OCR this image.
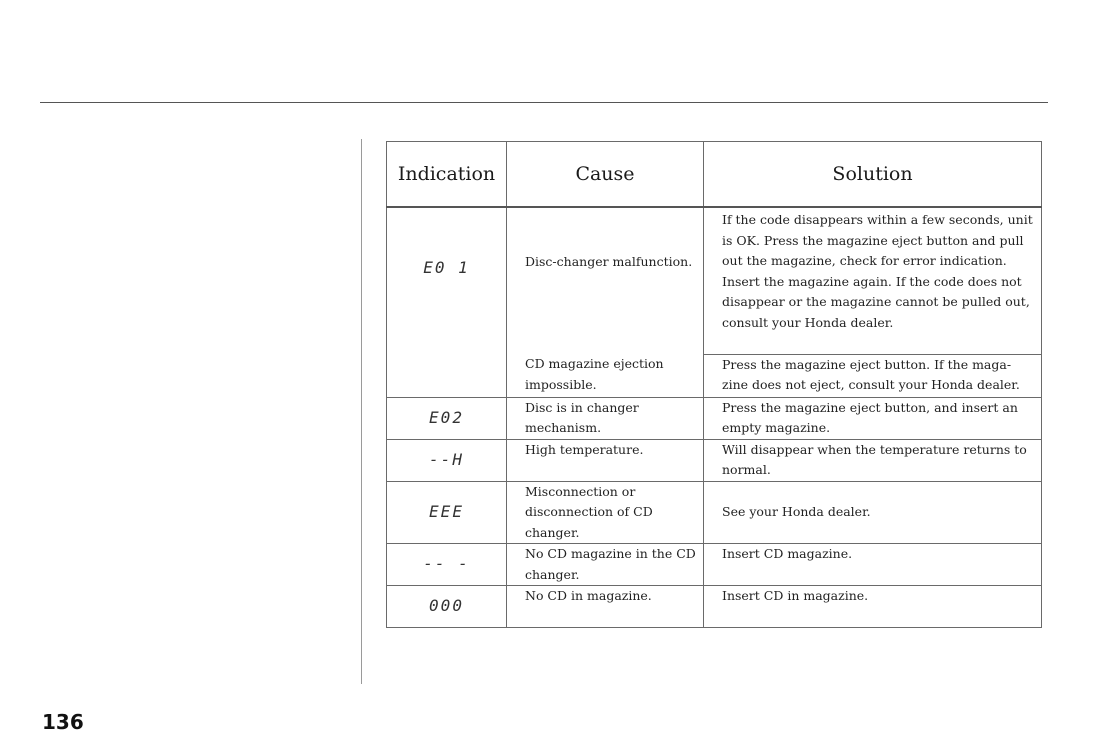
Indication	Cause	Solution
E0 1	Disc-changer malfunction.	If the code disappears within a few seconds, unit is OK. Press the magazine eject button and pull out the magazine, check for error indication. Insert the magazine again. If the code does not disappear or the magazine cannot be pulled out, consult your Honda dealer.
	CD magazine ejection impossible.	Press the magazine eject button. If the maga-zine does not eject, consult your Honda dealer.
E02	Disc is in changer mechanism.	Press the magazine eject button, and insert an empty magazine.
--H	High temperature.	Will disappear when the temperature returns to normal.
EEE	Misconnection or disconnection of CD changer.	See your Honda dealer.
-- -	No CD magazine in the CD changer.	Insert CD magazine.
000	No CD in magazine.	Insert CD in magazine.
136
